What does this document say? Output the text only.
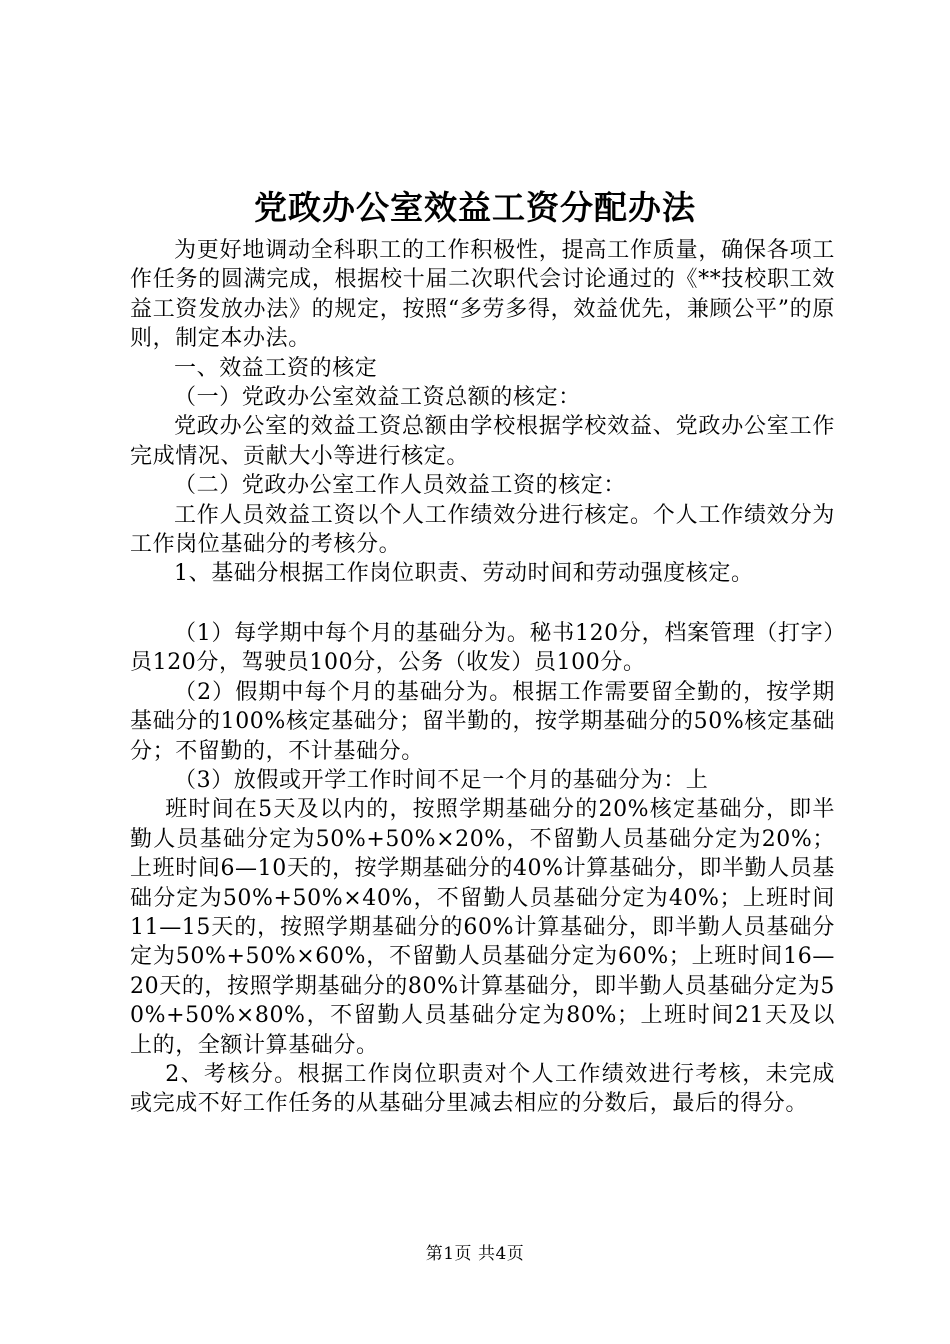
党政办公室效益工资分配办法

为更好地调动全科职工的工作积极性，提高工作质量，确保各项工作任务的圆满完成，根据校十届二次职代会讨论通过的《**技校职工效益工资发放办法》的规定，按照“多劳多得，效益优先，兼顾公平”的原则，制定本办法。

一、效益工资的核定

（一）党政办公室效益工资总额的核定：

党政办公室的效益工资总额由学校根据学校效益、党政办公室工作完成情况、贡献大小等进行核定。

（二）党政办公室工作人员效益工资的核定：

工作人员效益工资以个人工作绩效分进行核定。个人工作绩效分为工作岗位基础分的考核分。

1、基础分根据工作岗位职责、劳动时间和劳动强度核定。

（1）每学期中每个月的基础分为。秘书120分，档案管理（打字）员120分，驾驶员100分，公务（收发）员100分。

（2）假期中每个月的基础分为。根据工作需要留全勤的，按学期基础分的100%核定基础分；留半勤的，按学期基础分的50%核定基础分；不留勤的，不计基础分。

（3）放假或开学工作时间不足一个月的基础分为：上

班时间在5天及以内的，按照学期基础分的20%核定基础分，即半勤人员基础分定为50%+50%×20%，不留勤人员基础分定为20%；上班时间6—10天的，按学期基础分的40%计算基础分，即半勤人员基础分定为50%+50%×40%，不留勤人员基础分定为40%；上班时间11—15天的，按照学期基础分的60%计算基础分，即半勤人员基础分定为50%+50%×60%，不留勤人员基础分定为60%；上班时间16—20天的，按照学期基础分的80%计算基础分，即半勤人员基础分定为50%+50%×80%，不留勤人员基础分定为80%；上班时间21天及以上的，全额计算基础分。

2、考核分。根据工作岗位职责对个人工作绩效进行考核，未完成或完成不好工作任务的从基础分里减去相应的分数后，最后的得分。

第1页 共4页
